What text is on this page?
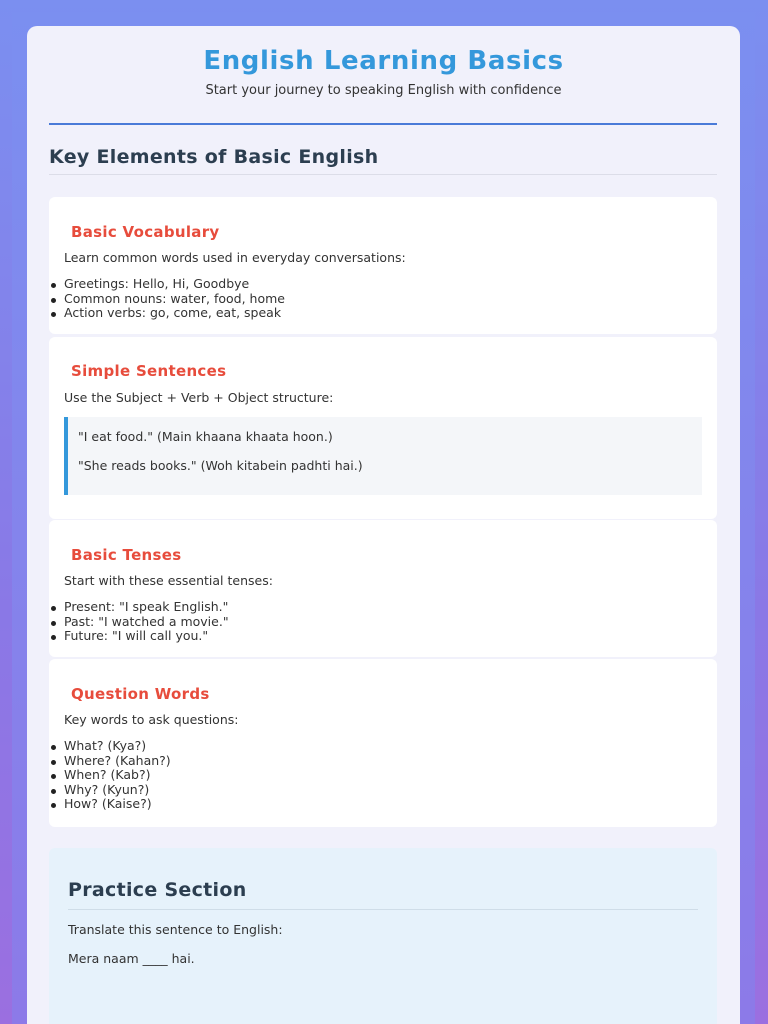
English Learning Basics
Start your journey to speaking English with confidence
Key Elements of Basic English
Basic Vocabulary
Learn common words used in everyday conversations:
Greetings: Hello, Hi, Goodbye
Common nouns: water, food, home
Action verbs: go, come, eat, speak
Simple Sentences
Use the Subject + Verb + Object structure:
"I eat food." (Main khaana khaata hoon.)
"She reads books." (Woh kitabein padhti hai.)
Basic Tenses
Start with these essential tenses:
Present: "I speak English."
Past: "I watched a movie."
Future: "I will call you."
Question Words
Key words to ask questions:
What? (Kya?)
Where? (Kahan?)
When? (Kab?)
Why? (Kyun?)
How? (Kaise?)
Practice Section
Translate this sentence to English:
Mera naam ____ hai.
